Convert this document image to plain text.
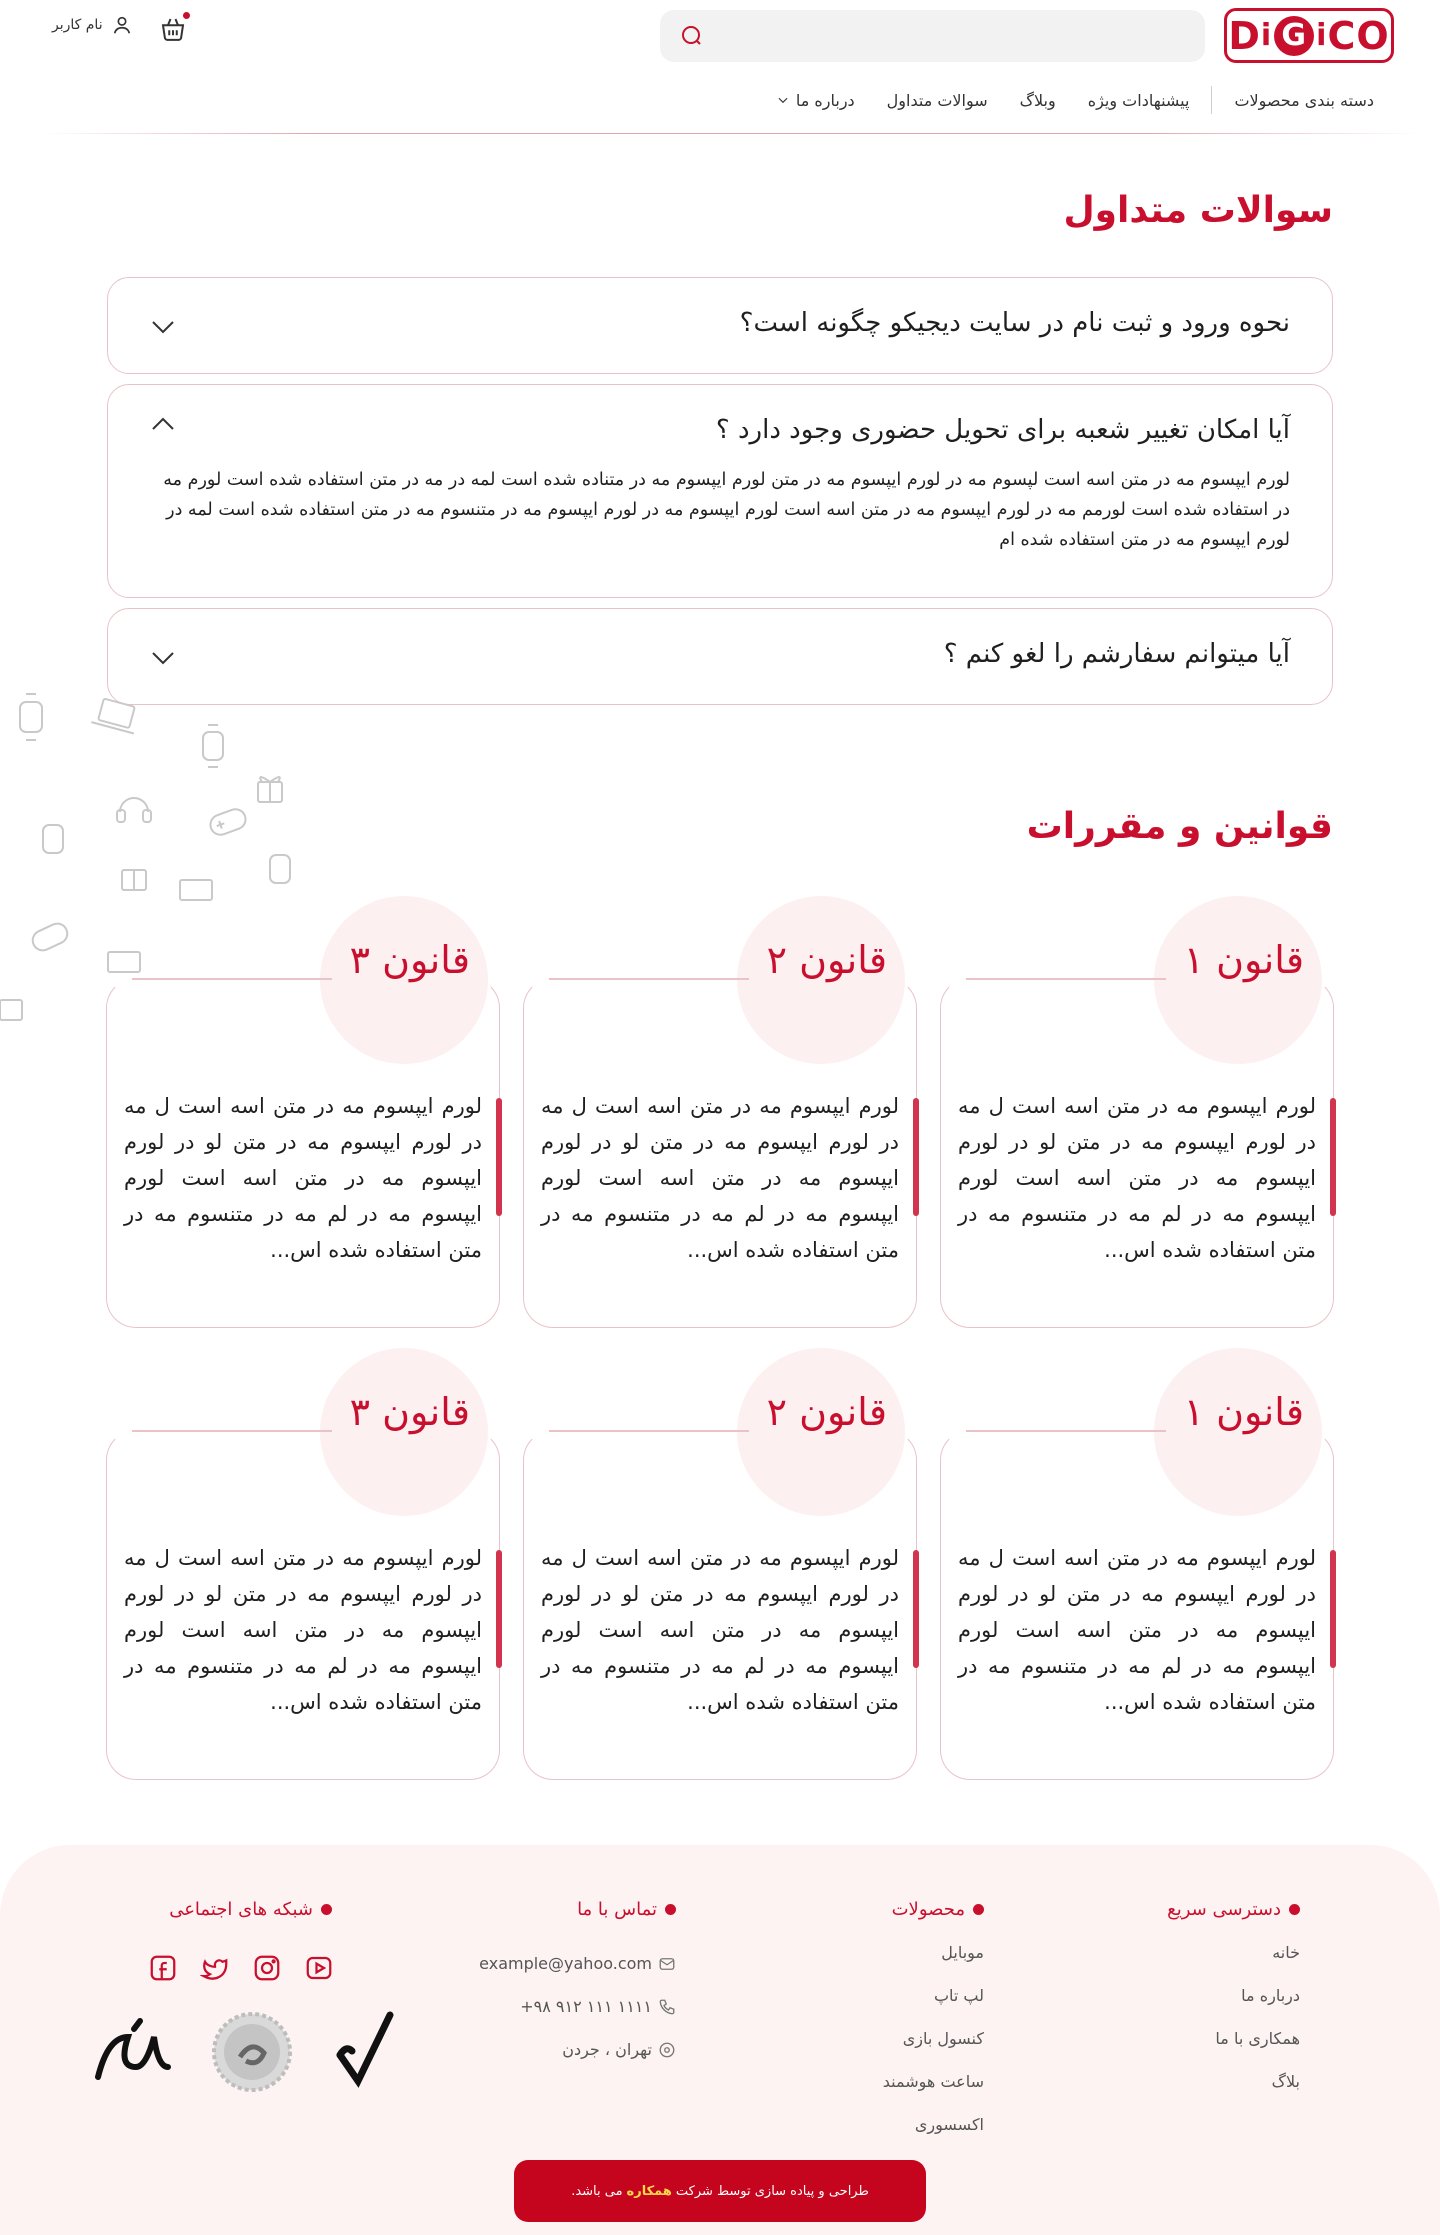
D i G i CO
نام کاربر
دسته بندی محصولات
پیشنهادات ویژه
وبلاگ
سوالات متداول
درباره ما
سوالات متداول
نحوه ورود و ثبت نام در سایت دیجیکو چگونه است؟
آیا امکان تغییر شعبه برای تحویل حضوری وجود دارد ؟
لورم ایپسوم مه در متن اسه است لپسوم مه در لورم ایپسوم مه در متن لورم ایپسوم مه در متناده شده است لمه در مه در متن استفاده شده است لورم مه در استفاده شده است لورمم مه در لورم ایپسوم مه در متن اسه است لورم ایپسوم مه در لورم ایپسوم مه در متنسوم مه در متن استفاده شده است لمه در لورم ایپسوم مه در متن استفاده شده ام
آیا میتوانم سفارشم را لغو کنم ؟
قوانین و مقررات
قانون ۱
لورم ایپسوم مه در متن اسه است ل مه در لورم ایپسوم مه در متن لو در لورم ایپسوم مه در متن اسه است لورم ایپسوم مه در لم مه در متنسوم مه در متن استفاده شده اس...
قانون ۲
لورم ایپسوم مه در متن اسه است ل مه در لورم ایپسوم مه در متن لو در لورم ایپسوم مه در متن اسه است لورم ایپسوم مه در لم مه در متنسوم مه در متن استفاده شده اس...
قانون ۳
لورم ایپسوم مه در متن اسه است ل مه در لورم ایپسوم مه در متن لو در لورم ایپسوم مه در متن اسه است لورم ایپسوم مه در لم مه در متنسوم مه در متن استفاده شده اس...
قانون ۱
لورم ایپسوم مه در متن اسه است ل مه در لورم ایپسوم مه در متن لو در لورم ایپسوم مه در متن اسه است لورم ایپسوم مه در لم مه در متنسوم مه در متن استفاده شده اس...
قانون ۲
لورم ایپسوم مه در متن اسه است ل مه در لورم ایپسوم مه در متن لو در لورم ایپسوم مه در متن اسه است لورم ایپسوم مه در لم مه در متنسوم مه در متن استفاده شده اس...
قانون ۳
لورم ایپسوم مه در متن اسه است ل مه در لورم ایپسوم مه در متن لو در لورم ایپسوم مه در متن اسه است لورم ایپسوم مه در لم مه در متنسوم مه در متن استفاده شده اس...
دسترسی سریع
خانه
درباره ما
همکاری با ما
بلاگ
محصولات
موبایل
لپ تاپ
کنسول بازی
ساعت هوشمند
اکسسوری
تماس با ما
example@yahoo.com
+۹۸ ۹۱۲ ۱۱۱ ۱۱۱۱
تهران ، جردن
شبکه های اجتماعی
طراحی و پیاده سازی توسط شرکت
همکاره
می باشد.
